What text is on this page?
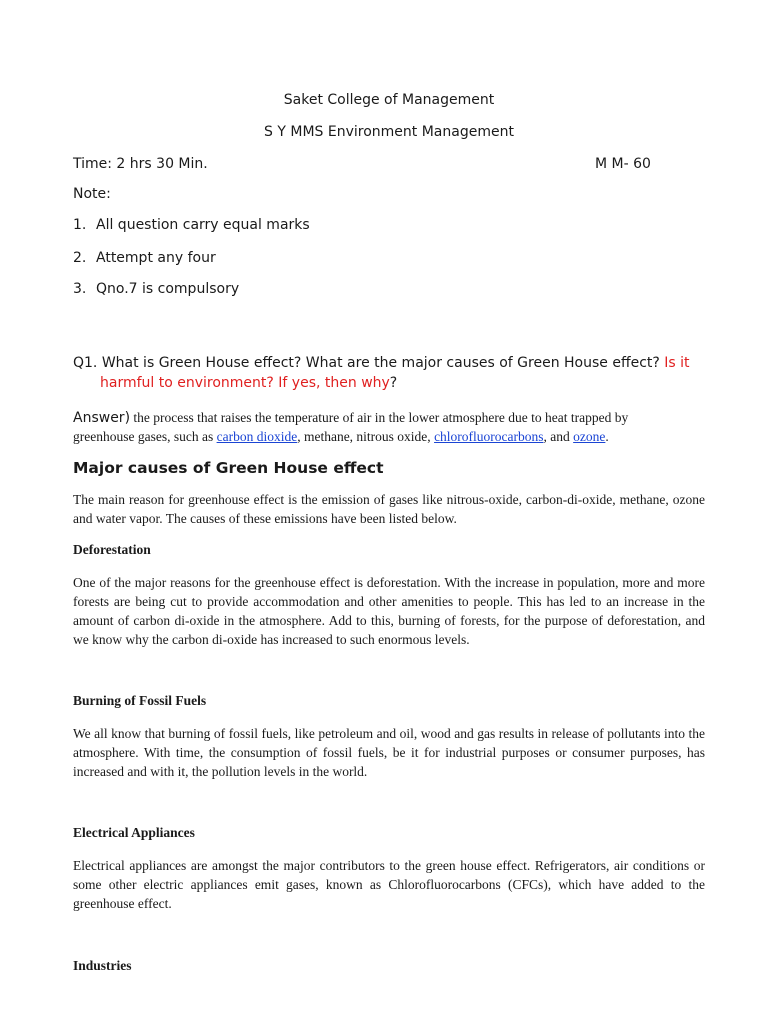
Saket College of Management
S Y MMS Environment Management
Time: 2 hrs 30 Min.	M M- 60
Note:
1. All question carry equal marks
2. Attempt any four
3. Qno.7 is compulsory
Q1. What is Green House effect? What are the major causes of Green House effect? Is it
harmful to environment? If yes, then why?
Answer) the process that raises the temperature of air in the lower atmosphere due to heat trapped by
greenhouse gases, such as carbon dioxide, methane, nitrous oxide, chlorofluorocarbons, and ozone.
Major causes of Green House effect
The main reason for greenhouse effect is the emission of gases like nitrous-oxide, carbon-di-oxide, methane, ozone and water vapor. The causes of these emissions have been listed below.
Deforestation
One of the major reasons for the greenhouse effect is deforestation. With the increase in population, more and more forests are being cut to provide accommodation and other amenities to people. This has led to an increase in the amount of carbon di-oxide in the atmosphere. Add to this, burning of forests, for the purpose of deforestation, and we know why the carbon di-oxide has increased to such enormous levels.
Burning of Fossil Fuels
We all know that burning of fossil fuels, like petroleum and oil, wood and gas results in release of pollutants into the atmosphere. With time, the consumption of fossil fuels, be it for industrial purposes or consumer purposes, has increased and with it, the pollution levels in the world.
Electrical Appliances
Electrical appliances are amongst the major contributors to the green house effect. Refrigerators, air conditions or some other electric appliances emit gases, known as Chlorofluorocarbons (CFCs), which have added to the greenhouse effect.
Industries
